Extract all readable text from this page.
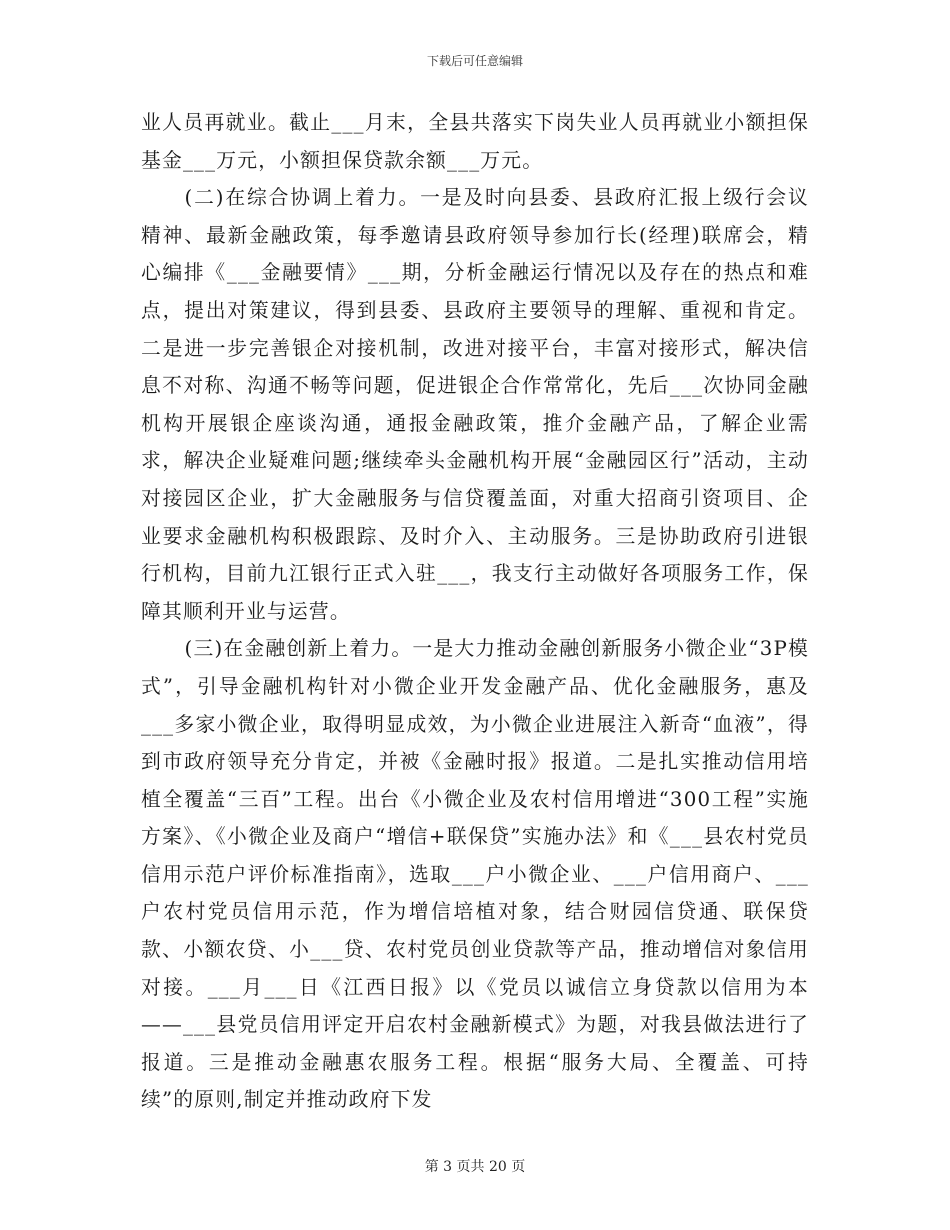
下载后可任意编辑

业人员再就业。截止___月末，全县共落实下岗失业人员再就业小额担保基金___万元，小额担保贷款余额___万元。

(二)在综合协调上着力。一是及时向县委、县政府汇报上级行会议精神、最新金融政策，每季邀请县政府领导参加行长(经理)联席会，精心编排《___金融要情》___期，分析金融运行情况以及存在的热点和难点，提出对策建议，得到县委、县政府主要领导的理解、重视和肯定。二是进一步完善银企对接机制，改进对接平台，丰富对接形式，解决信息不对称、沟通不畅等问题，促进银企合作常常化，先后___次协同金融机构开展银企座谈沟通，通报金融政策，推介金融产品，了解企业需求，解决企业疑难问题;继续牵头金融机构开展“金融园区行”活动，主动对接园区企业，扩大金融服务与信贷覆盖面，对重大招商引资项目、企业要求金融机构积极跟踪、及时介入、主动服务。三是协助政府引进银行机构，目前九江银行正式入驻___，我支行主动做好各项服务工作，保障其顺利开业与运营。

(三)在金融创新上着力。一是大力推动金融创新服务小微企业“3P模式”，引导金融机构针对小微企业开发金融产品、优化金融服务，惠及___多家小微企业，取得明显成效，为小微企业进展注入新奇“血液”，得到市政府领导充分肯定，并被《金融时报》报道。二是扎实推动信用培植全覆盖“三百”工程。出台《小微企业及农村信用增进“300工程”实施方案》、《小微企业及商户“增信+联保贷”实施办法》和《___县农村党员信用示范户评价标准指南》，选取___户小微企业、___户信用商户、___户农村党员信用示范，作为增信培植对象，结合财园信贷通、联保贷款、小额农贷、小___贷、农村党员创业贷款等产品，推动增信对象信用对接。___月___日《江西日报》以《党员以诚信立身贷款以信用为本——___县党员信用评定开启农村金融新模式》为题，对我县做法进行了报道。三是推动金融惠农服务工程。根据“服务大局、全覆盖、可持续”的原则,制定并推动政府下发

第 3 页共 20 页
